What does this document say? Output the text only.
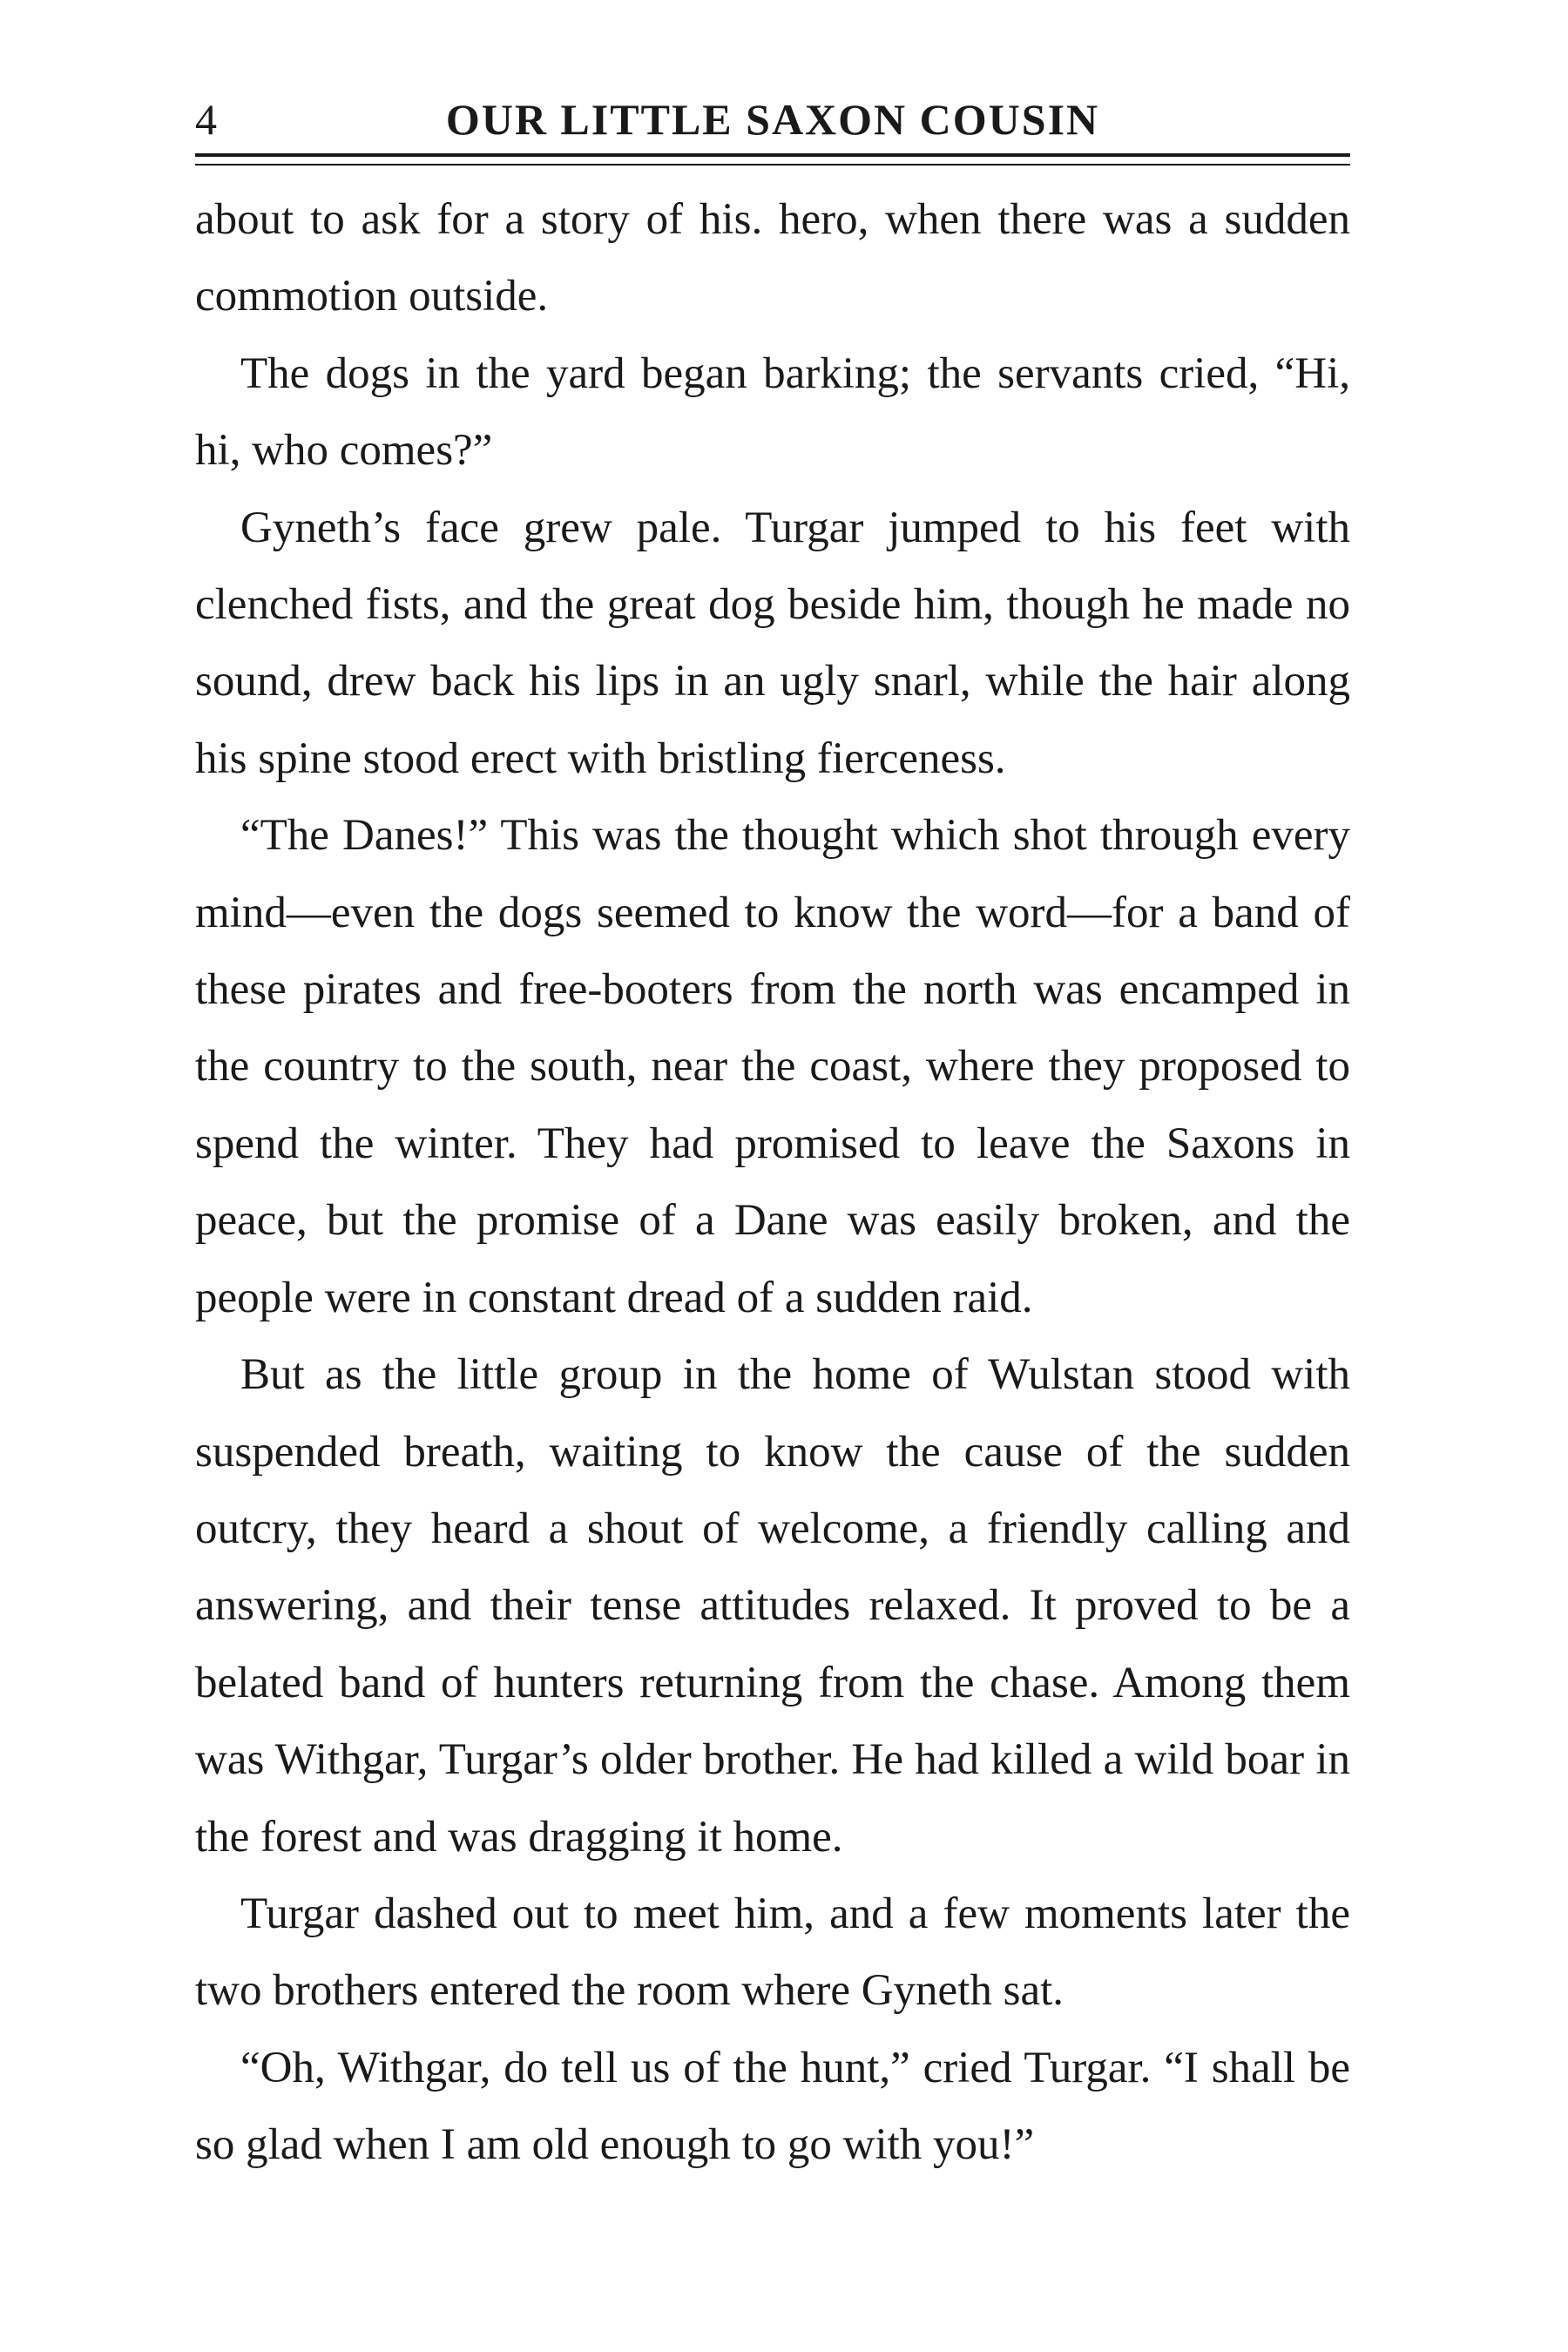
4	OUR LITTLE SAXON COUSIN

about to ask for a story of his. hero, when there was a sudden commotion outside.

The dogs in the yard began barking; the servants cried, “Hi, hi, who comes?”

Gyneth’s face grew pale. Turgar jumped to his feet with clenched fists, and the great dog beside him, though he made no sound, drew back his lips in an ugly snarl, while the hair along his spine stood erect with bristling fierceness.

“The Danes!” This was the thought which shot through every mind—even the dogs seemed to know the word—for a band of these pirates and free-booters from the north was encamped in the country to the south, near the coast, where they proposed to spend the winter. They had promised to leave the Saxons in peace, but the promise of a Dane was easily broken, and the people were in constant dread of a sudden raid.

But as the little group in the home of Wulstan stood with suspended breath, waiting to know the cause of the sudden outcry, they heard a shout of welcome, a friendly calling and answering, and their tense attitudes relaxed. It proved to be a belated band of hunters returning from the chase. Among them was Withgar, Turgar’s older brother. He had killed a wild boar in the forest and was dragging it home.

Turgar dashed out to meet him, and a few moments later the two brothers entered the room where Gyneth sat.

“Oh, Withgar, do tell us of the hunt,” cried Turgar. “I shall be so glad when I am old enough to go with you!”
